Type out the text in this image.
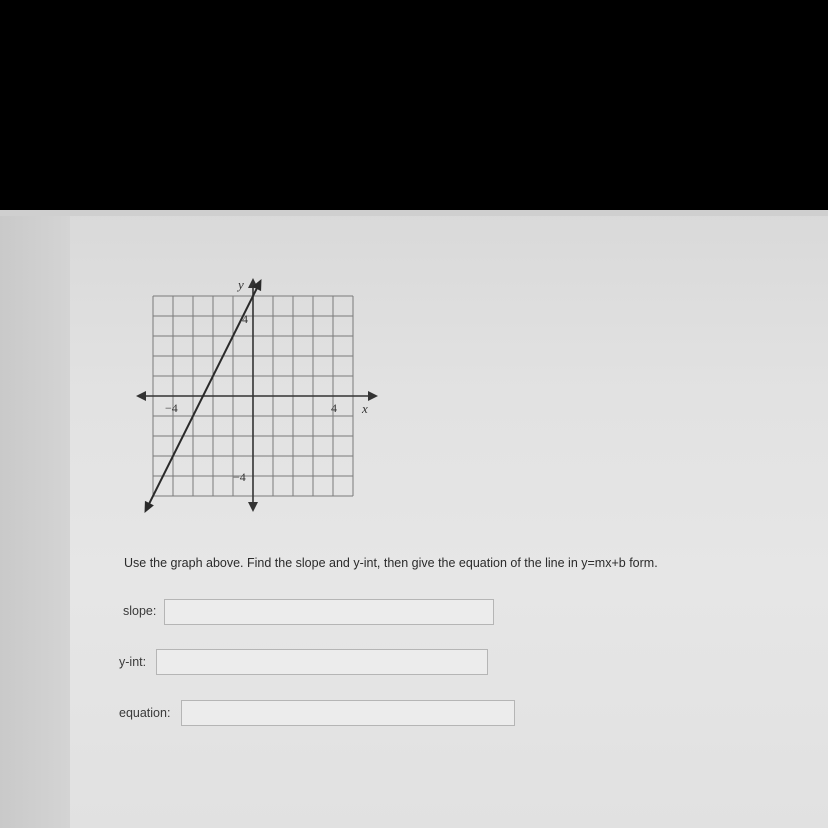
y
x
−4	4
4
−4
Use the graph above. Find the slope and y-int, then give the equation of the line in y=mx+b form.
slope:
y-int:
equation:
